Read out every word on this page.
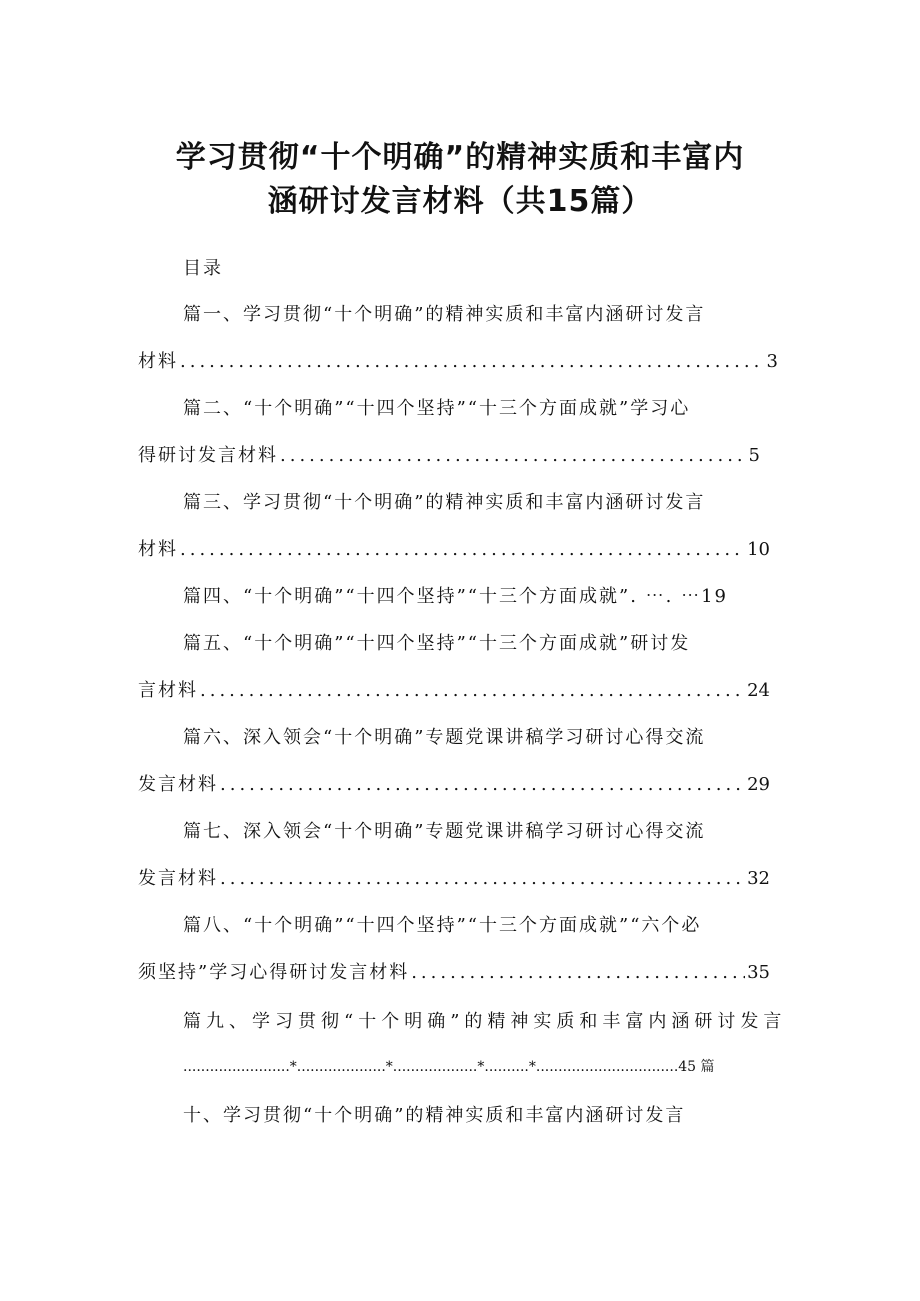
学习贯彻“十个明确”的精神实质和丰富内
涵研讨发言材料（共15篇）
目录
篇一、学习贯彻“十个明确”的精神实质和丰富内涵研讨发言
材料 .....	3
篇二、“十个明确”“十四个坚持”“十三个方面成就”学习心
得研讨发言材料 .....	5
篇三、学习贯彻“十个明确”的精神实质和丰富内涵研讨发言
材料 .....	10
篇四、“十个明确”“十四个坚持”“十三个方面成就”. ⋯. ⋯19
篇五、“十个明确”“十四个坚持”“十三个方面成就”研讨发
言材料 .....	24
篇六、深入领会“十个明确”专题党课讲稿学习研讨心得交流
发言材料 .....	29
篇七、深入领会“十个明确”专题党课讲稿学习研讨心得交流
发言材料 .....	32
篇八、“十个明确”“十四个坚持”“十三个方面成就”“六个必
须坚持”学习心得研讨发言材料 .....	35
篇九、学习贯彻“十个明确”的精神实质和丰富内涵研讨发言
........................*....................*...................*..........*................................45 篇
十、学习贯彻“十个明确”的精神实质和丰富内涵研讨发言
